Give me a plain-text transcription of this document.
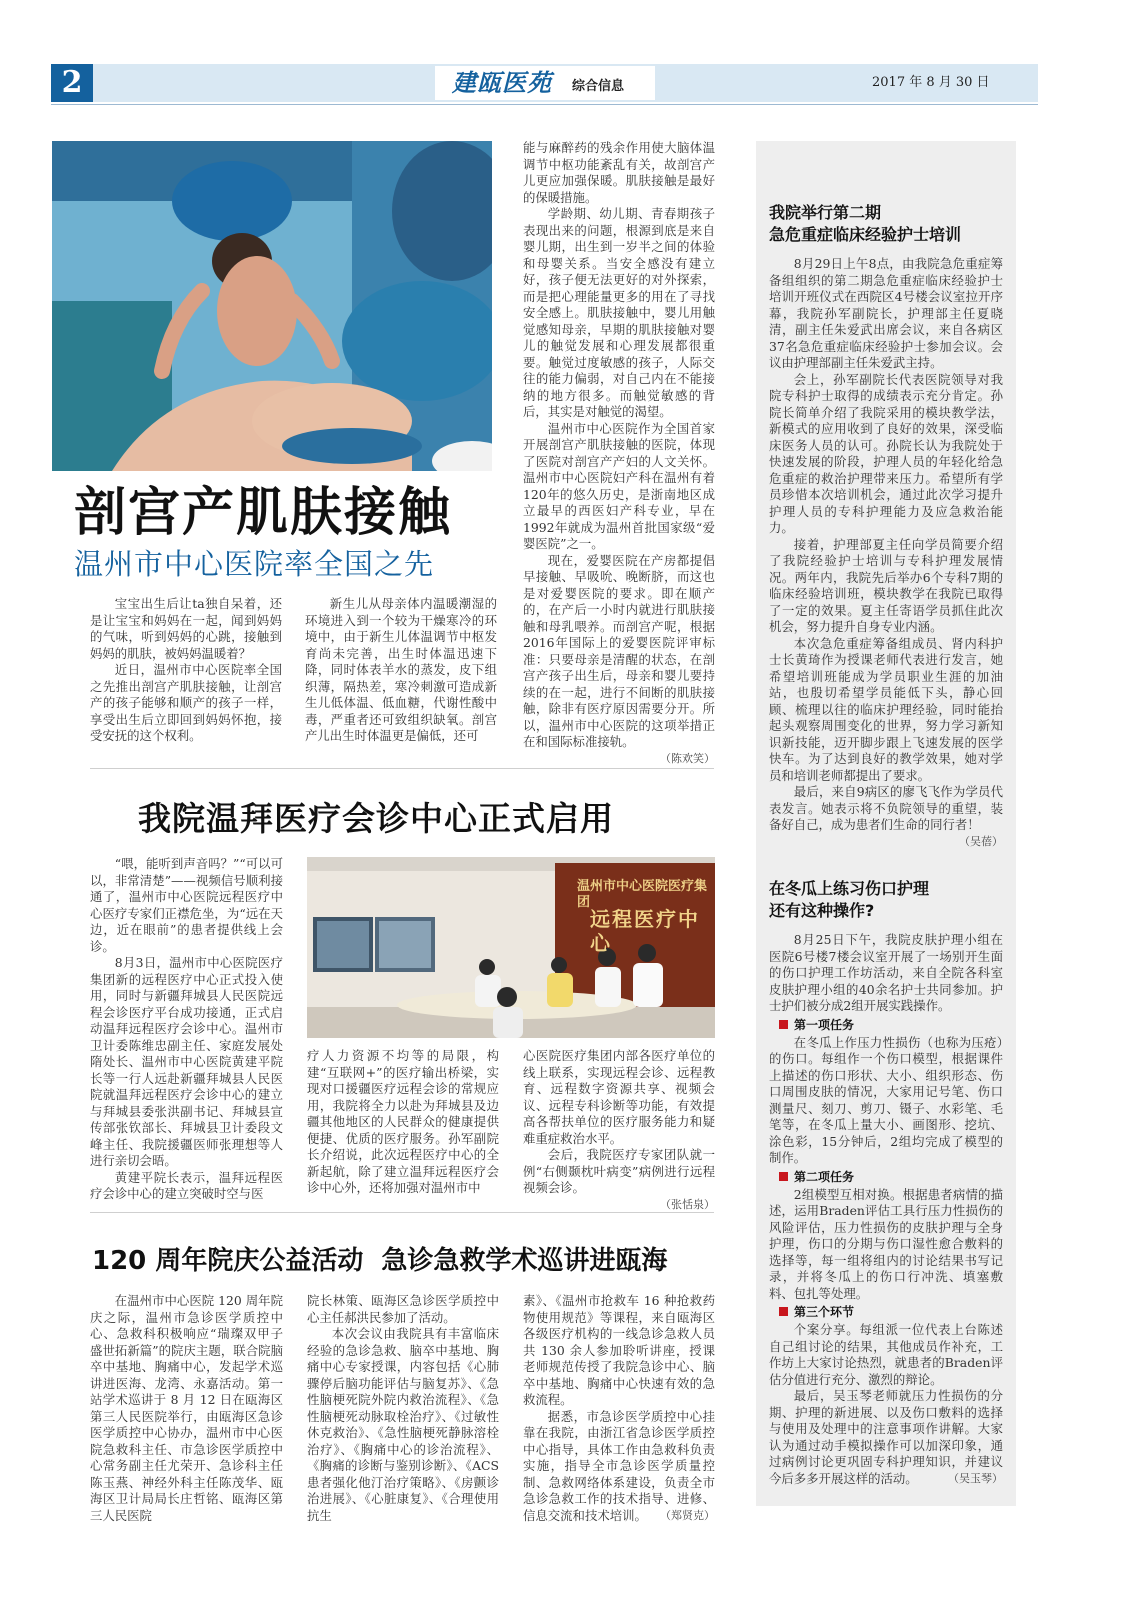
2	建瓯医苑 综合信息	2017 年 8 月 30 日
剖宫产肌肤接触
温州市中心医院率全国之先

宝宝出生后让ta独自呆着，还是让宝宝和妈妈在一起，闻到妈妈的气味，听到妈妈的心跳，接触到妈妈的肌肤，被妈妈温暖着？

近日，温州市中心医院率全国之先推出剖宫产肌肤接触，让剖宫产的孩子能够和顺产的孩子一样，享受出生后立即回到妈妈怀抱，接受安抚的这个权利。

新生儿从母亲体内温暖潮湿的环境进入到一个较为干燥寒冷的环境中，由于新生儿体温调节中枢发育尚未完善，出生时体温迅速下降，同时体表羊水的蒸发，皮下组织薄，隔热差，寒冷刺激可造成新生儿低体温、低血糖，代谢性酸中毒，严重者还可致组织缺氧。剖宫产儿出生时体温更是偏低，还可

能与麻醉药的残余作用使大脑体温调节中枢功能紊乱有关，故剖宫产儿更应加强保暖。肌肤接触是最好的保暖措施。

学龄期、幼儿期、青春期孩子表现出来的问题，根源到底是来自婴儿期，出生到一岁半之间的体验和母婴关系。当安全感没有建立好，孩子便无法更好的对外探索，而是把心理能量更多的用在了寻找安全感上。肌肤接触中，婴儿用触觉感知母亲，早期的肌肤接触对婴儿的触觉发展和心理发展都很重要。触觉过度敏感的孩子，人际交往的能力偏弱，对自己内在不能接纳的地方很多。而触觉敏感的背后，其实是对触觉的渴望。

温州市中心医院作为全国首家开展剖宫产肌肤接触的医院，体现了医院对剖宫产产妇的人文关怀。温州市中心医院妇产科在温州有着120年的悠久历史，是浙南地区成立最早的西医妇产科专业，早在1992年就成为温州首批国家级“爱婴医院”之一。

现在，爱婴医院在产房都提倡早接触、早吸吮、晚断脐，而这也是对爱婴医院的要求。即在顺产的，在产后一小时内就进行肌肤接触和母乳喂养。而剖宫产呢，根据2016年国际上的爱婴医院评审标准：只要母亲是清醒的状态，在剖宫产孩子出生后，母亲和婴儿要持续的在一起，进行不间断的肌肤接触，除非有医疗原因需要分开。所以，温州市中心医院的这项举措正在和国际标准接轨。

（陈欢笑）
我院温拜医疗会诊中心正式启用

“喂，能听到声音吗？”“可以可以，非常清楚”——视频信号顺利接通了，温州市中心医院远程医疗中心医疗专家们正襟危坐，为“远在天边，近在眼前”的患者提供线上会诊。

8月3日，温州市中心医院医疗集团新的远程医疗中心正式投入使用，同时与新疆拜城县人民医院远程会诊医疗平台成功接通，正式启动温拜远程医疗会诊中心。温州市卫计委陈维忠副主任、家庭发展处隋处长、温州市中心医院黄建平院长等一行人远赴新疆拜城县人民医院就温拜远程医疗会诊中心的建立与拜城县委张洪副书记、拜城县宣传部张钦部长、拜城县卫计委段文峰主任、我院援疆医师张理想等人进行亲切会晤。

黄建平院长表示，温拜远程医疗会诊中心的建立突破时空与医

温州市中心医院医疗集团
远程医疗中心

疗人力资源不均等的局限，构建“互联网+”的医疗输出桥梁，实现对口援疆医疗远程会诊的常规应用，我院将全力以赴为拜城县及边疆其他地区的人民群众的健康提供便捷、优质的医疗服务。孙军副院长介绍说，此次远程医疗中心的全新起航，除了建立温拜远程医疗会诊中心外，还将加强对温州市中

心医院医疗集团内部各医疗单位的线上联系，实现远程会诊、远程教育、远程数字资源共享、视频会议、远程专科诊断等功能，有效提高各帮扶单位的医疗服务能力和疑难重症救治水平。

会后，我院医疗专家团队就一例“右侧颞枕叶病变”病例进行远程视频会诊。

（张恬泉）
120 周年院庆公益活动  急诊急救学术巡讲进瓯海

在温州市中心医院 120 周年院庆之际，温州市急诊医学质控中心、急救科积极响应“瑞璨双甲子 盛世拓新篇”的院庆主题，联合院脑卒中基地、胸痛中心，发起学术巡讲进医海、龙湾、永嘉活动。第一站学术巡讲于 8 月 12 日在瓯海区第三人民医院举行，由瓯海区急诊医学质控中心协办，温州市中心医院急救科主任、市急诊医学质控中心常务副主任尤荣开、急诊科主任陈玉燕、神经外科主任陈茂华、瓯海区卫计局局长庄哲铭、瓯海区第三人民医院

院长林策、瓯海区急诊医学质控中心主任郝洪民参加了活动。

本次会议由我院具有丰富临床经验的急诊急救、脑卒中基地、胸痛中心专家授课，内容包括《心肺骤停后脑功能评估与脑复苏》、《急性脑梗死院外院内救治流程》、《急性脑梗死动脉取栓治疗》、《过敏性休克救治》、《急性脑梗死静脉溶栓治疗》、《胸痛中心的诊治流程》、《胸痛的诊断与鉴别诊断》、《ACS 患者强化他汀治疗策略》、《房颤诊治进展》、《心脏康复》、《合理使用抗生

素》、《温州市抢救车 16 种抢救药物使用规范》等课程，来自瓯海区各级医疗机构的一线急诊急救人员共 130 余人参加聆听讲座，授课老师规范传授了我院急诊中心、脑卒中基地、胸痛中心快速有效的急救流程。

据悉，市急诊医学质控中心挂靠在我院，由浙江省急诊医学质控中心指导，具体工作由急救科负责实施，指导全市急诊医学质量控制、急救网络体系建设，负责全市急诊急救工作的技术指导、进修、信息交流和技术培训。	（郑贤克）
我院举行第二期
急危重症临床经验护士培训

8月29日上午8点，由我院急危重症筹备组组织的第二期急危重症临床经验护士培训开班仪式在西院区4号楼会议室拉开序幕，我院孙军副院长，护理部主任夏晓清，副主任朱爱武出席会议，来自各病区37名急危重症临床经验护士参加会议。会议由护理部副主任朱爱武主持。

会上，孙军副院长代表医院领导对我院专科护士取得的成绩表示充分肯定。孙院长简单介绍了我院采用的模块教学法，新模式的应用收到了良好的效果，深受临床医务人员的认可。孙院长认为我院处于快速发展的阶段，护理人员的年轻化给急危重症的救治护理带来压力。希望所有学员珍惜本次培训机会，通过此次学习提升护理人员的专科护理能力及应急救治能力。

接着，护理部夏主任向学员简要介绍了我院经验护士培训与专科护理发展情况。两年内，我院先后举办6个专科7期的临床经验培训班，模块教学在我院已取得了一定的效果。夏主任寄语学员抓住此次机会，努力提升自身专业内涵。

本次急危重症筹备组成员、肾内科护士长黄琦作为授课老师代表进行发言，她希望培训班能成为学员职业生涯的加油站，也殷切希望学员能低下头，静心回顾、梳理以往的临床护理经验，同时能抬起头观察周围变化的世界，努力学习新知识新技能，迈开脚步跟上飞速发展的医学快车。为了达到良好的教学效果，她对学员和培训老师都提出了要求。

最后，来自9病区的廖飞飞作为学员代表发言。她表示将不负院领导的重望，装备好自己，成为患者们生命的同行者！

（吴蓓）
在冬瓜上练习伤口护理
还有这种操作?

8月25日下午，我院皮肤护理小组在医院6号楼7楼会议室开展了一场别开生面的伤口护理工作坊活动，来自全院各科室皮肤护理小组的40余名护士共同参加。护士护们被分成2组开展实践操作。

第一项任务

在冬瓜上作压力性损伤（也称为压疮）的伤口。每组作一个伤口模型，根据课件上描述的伤口形状、大小、组织形态、伤口周围皮肤的情况，大家用记号笔、伤口测量尺、刻刀、剪刀、镊子、水彩笔、毛笔等，在冬瓜上量大小、画图形、挖坑、涂色彩，15分钟后，2组均完成了模型的制作。

第二项任务

2组模型互相对换。根据患者病情的描述，运用Braden评估工具行压力性损伤的风险评估，压力性损伤的皮肤护理与全身护理，伤口的分期与伤口湿性愈合敷料的选择等，每一组将组内的讨论结果书写记录，并将冬瓜上的伤口行冲洗、填塞敷料、包扎等处理。

第三个环节

个案分享。每组派一位代表上台陈述自己组讨论的结果，其他成员作补充，工作坊上大家讨论热烈，就患者的Braden评估分值进行充分、激烈的辩论。

最后，吴玉琴老师就压力性损伤的分期、护理的新进展、以及伤口敷料的选择与使用及处理中的注意事项作讲解。大家认为通过动手模拟操作可以加深印象，通过病例讨论更巩固专科护理知识，并建议今后多多开展这样的活动。	（吴玉琴）
